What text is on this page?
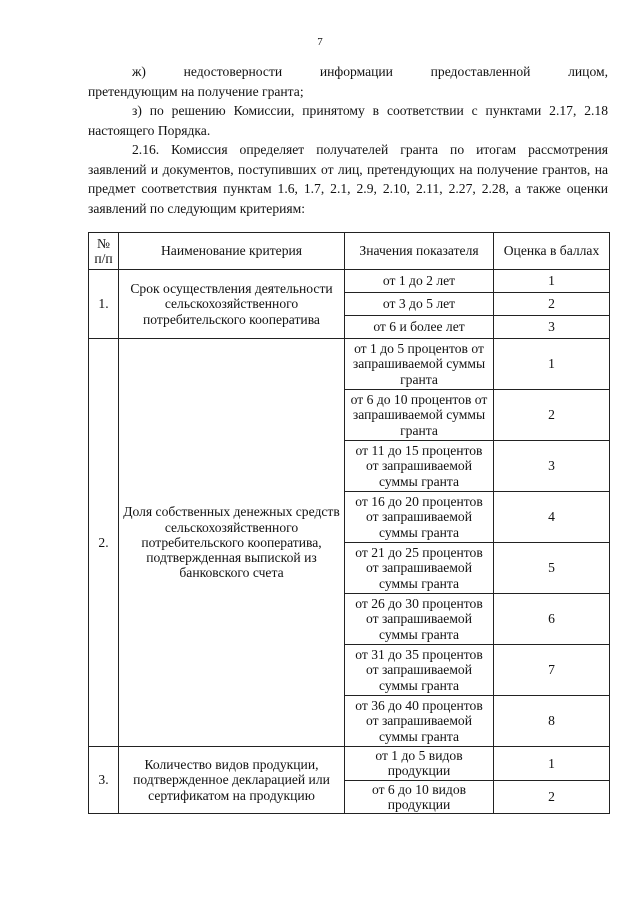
7

ж) недостоверности информации предоставленной лицом,

претендующим на получение гранта;

з) по решению Комиссии, принятому в соответствии с пунктами 2.17, 2.18 настоящего Порядка.

2.16. Комиссия определяет получателей гранта по итогам рассмотрения заявлений и документов, поступивших от лиц, претендующих на получение грантов, на предмет соответствия пунктам 1.6, 1.7, 2.1, 2.9, 2.10, 2.11, 2.27, 2.28, а также оценки заявлений по следующим критериям:

№ п/п	Наименование критерия	Значения показателя	Оценка в баллах
1.	Срок осуществления деятельности сельскохозяйственного потребительского кооператива	от 1 до 2 лет	1
		от 3 до 5 лет	2
		от 6 и более лет	3
2.	Доля собственных денежных средств сельскохозяйственного потребительского кооператива, подтвержденная выпиской из банковского счета	от 1 до 5 процентов от запрашиваемой суммы гранта	1
		от 6 до 10 процентов от запрашиваемой суммы гранта	2
		от 11 до 15 процентов от запрашиваемой суммы гранта	3
		от 16 до 20 процентов от запрашиваемой суммы гранта	4
		от 21 до 25 процентов от запрашиваемой суммы гранта	5
		от 26 до 30 процентов от запрашиваемой суммы гранта	6
		от 31 до 35 процентов от запрашиваемой суммы гранта	7
		от 36 до 40 процентов от запрашиваемой суммы гранта	8
3.	Количество видов продукции, подтвержденное декларацией или сертификатом на продукцию	от 1 до 5 видов продукции	1
		от 6 до 10 видов продукции	2
